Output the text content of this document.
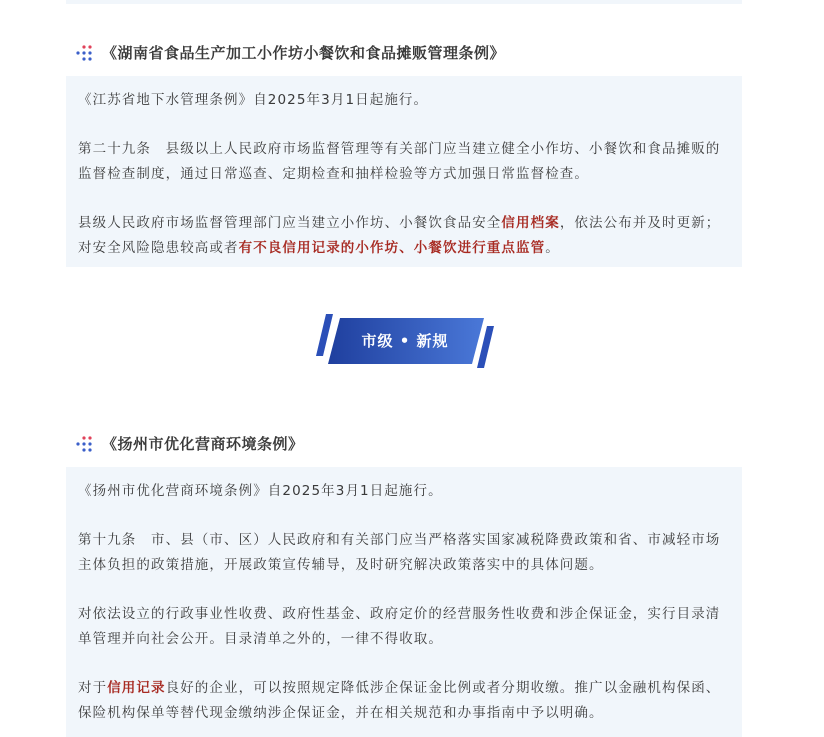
《湖南省食品生产加工小作坊小餐饮和食品摊贩管理条例》

《江苏省地下水管理条例》自2025年3月1日起施行。

第二十九条　县级以上人民政府市场监督管理等有关部门应当建立健全小作坊、小餐饮和食品摊贩的监督检查制度，通过日常巡查、定期检查和抽样检验等方式加强日常监督检查。

县级人民政府市场监督管理部门应当建立小作坊、小餐饮食品安全信用档案，依法公布并及时更新；对安全风险隐患较高或者有不良信用记录的小作坊、小餐饮进行重点监管。

市级 • 新规
《扬州市优化营商环境条例》

《扬州市优化营商环境条例》自2025年3月1日起施行。

第十九条　市、县（市、区）人民政府和有关部门应当严格落实国家减税降费政策和省、市减轻市场主体负担的政策措施，开展政策宣传辅导，及时研究解决政策落实中的具体问题。

对依法设立的行政事业性收费、政府性基金、政府定价的经营服务性收费和涉企保证金，实行目录清单管理并向社会公开。目录清单之外的，一律不得收取。

对于信用记录良好的企业，可以按照规定降低涉企保证金比例或者分期收缴。推广以金融机构保函、保险机构保单等替代现金缴纳涉企保证金，并在相关规范和办事指南中予以明确。
